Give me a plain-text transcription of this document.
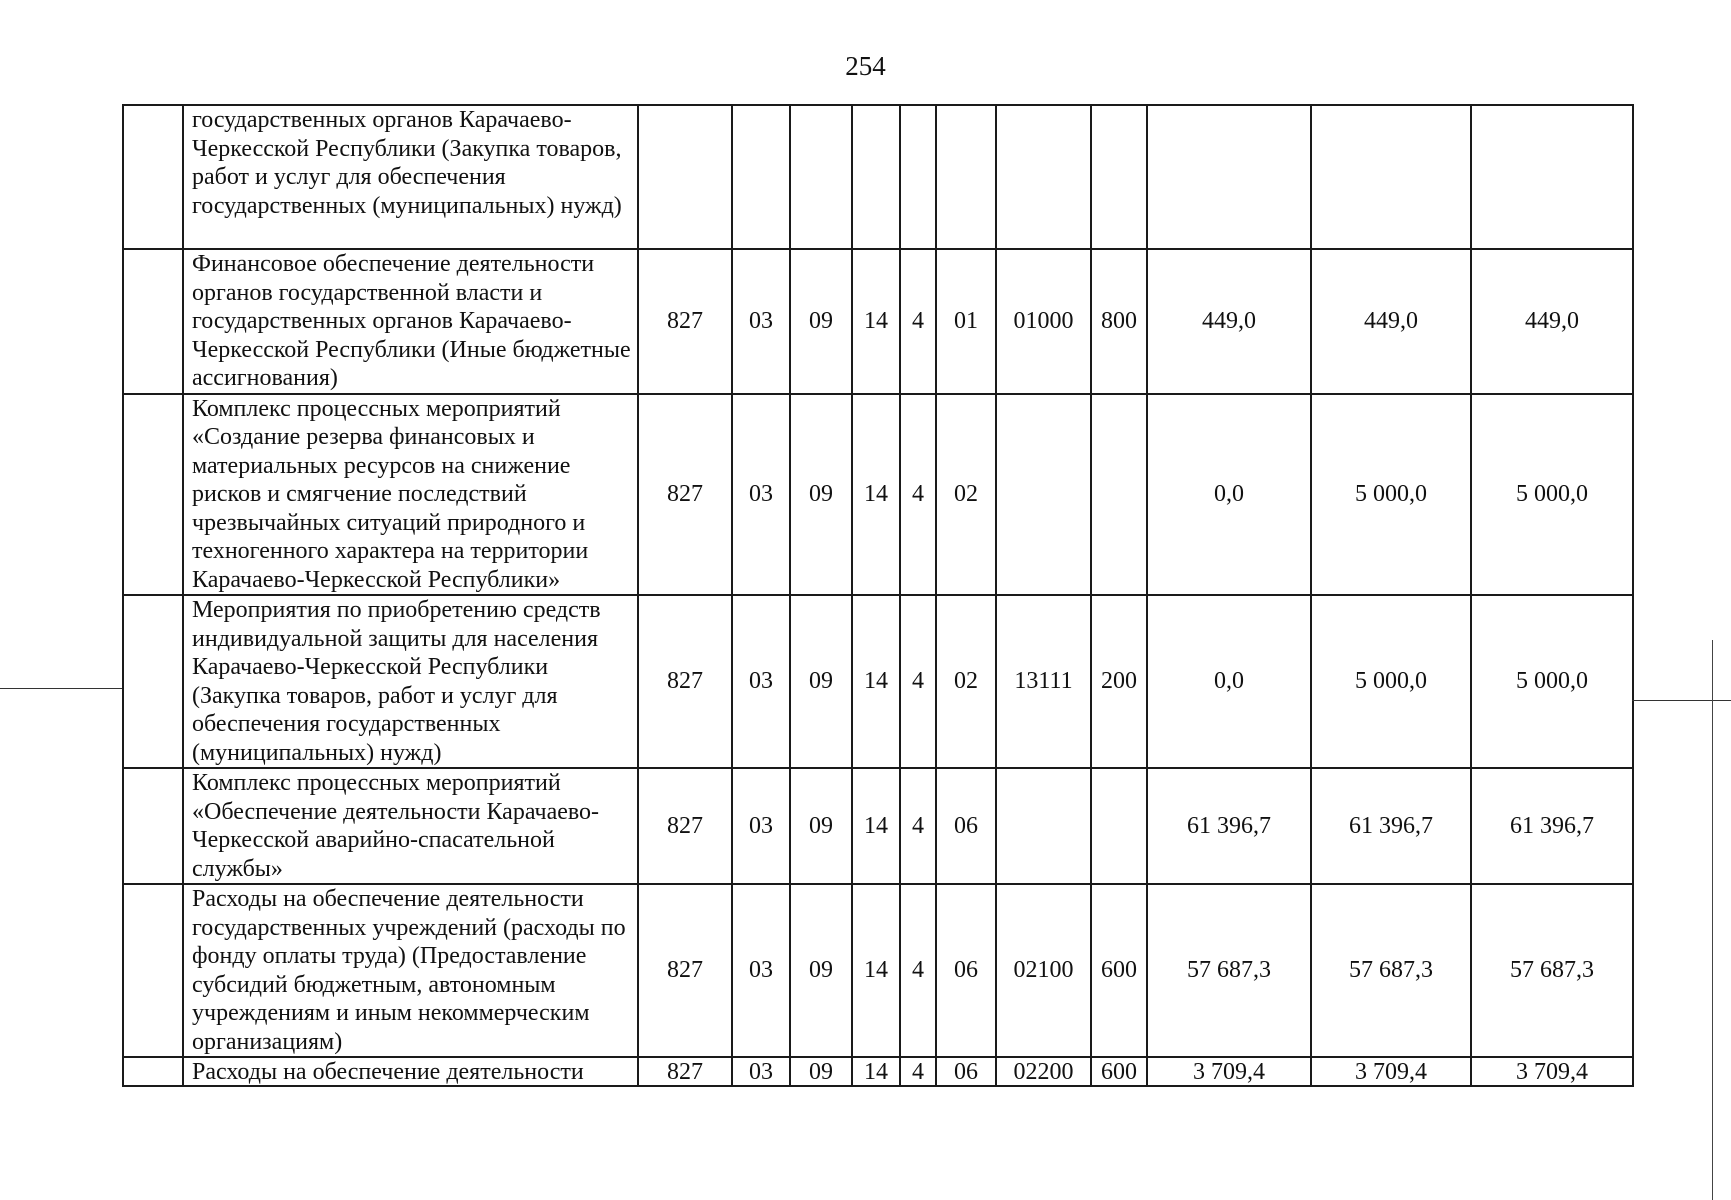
254
	государственных органов Карачаево-Черкесской Республики (Закупка товаров, работ и услуг для обеспечения государственных (муниципальных) нужд)											
	Финансовое обеспечение деятельности органов государственной власти и государственных органов Карачаево-Черкесской Республики (Иные бюджетные ассигнования)	827	03	09	14	4	01	01000	800	449,0	449,0	449,0
	Комплекс процессных мероприятий «Создание резерва финансовых и материальных ресурсов на снижение рисков и смягчение последствий чрезвычайных ситуаций природного и техногенного характера на территории Карачаево-Черкесской Республики»	827	03	09	14	4	02			0,0	5 000,0	5 000,0
	Мероприятия по приобретению средств индивидуальной защиты для населения Карачаево-Черкесской Республики (Закупка товаров, работ и услуг для обеспечения государственных (муниципальных) нужд)	827	03	09	14	4	02	13111	200	0,0	5 000,0	5 000,0
	Комплекс процессных мероприятий «Обеспечение деятельности Карачаево-Черкесской аварийно-спасательной службы»	827	03	09	14	4	06			61 396,7	61 396,7	61 396,7
	Расходы на обеспечение деятельности государственных учреждений (расходы по фонду оплаты труда) (Предоставление субсидий бюджетным, автономным учреждениям и иным некоммерческим организациям)	827	03	09	14	4	06	02100	600	57 687,3	57 687,3	57 687,3
	Расходы на обеспечение деятельности	827	03	09	14	4	06	02200	600	3 709,4	3 709,4	3 709,4
